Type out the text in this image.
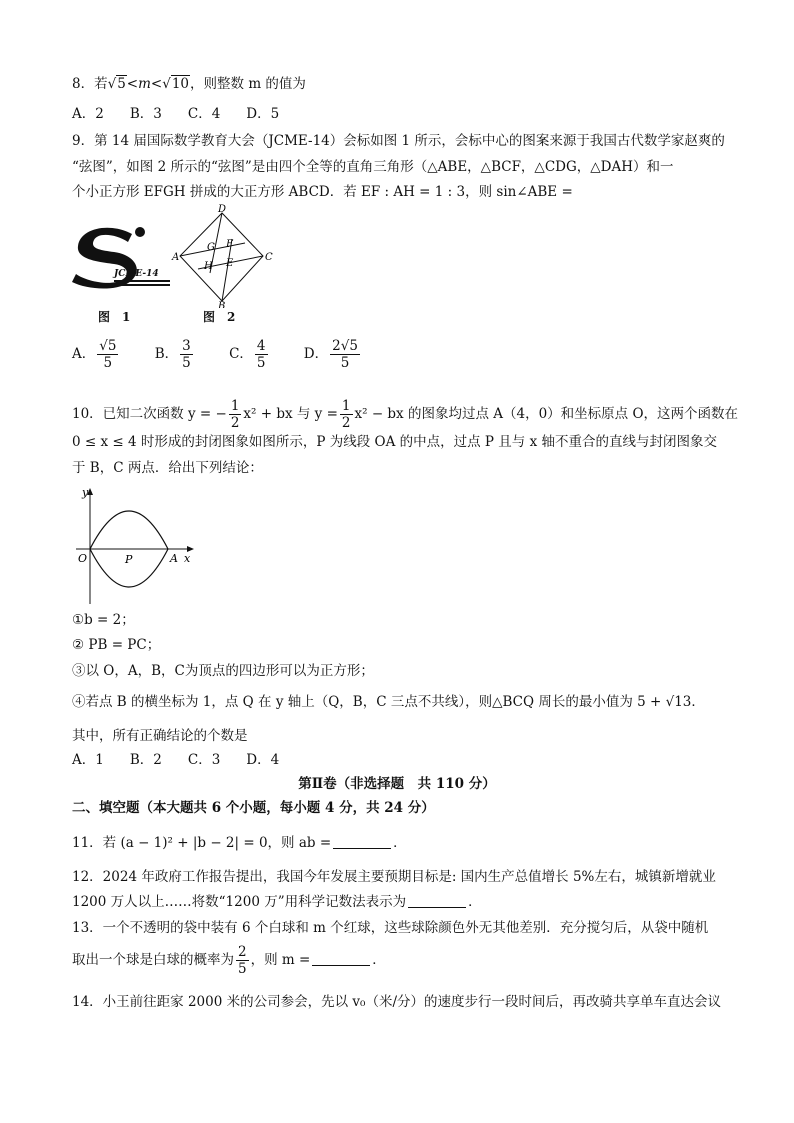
8．若√5<m<√10，则整数 m 的值为
A．2 B．3 C．4 D．5
9．第 14 届国际数学教育大会（JCME-14）会标如图 1 所示，会标中心的图案来源于我国古代数学家赵爽的
“弦图”，如图 2 所示的“弦图”是由四个全等的直角三角形（△ABE，△BCF，△CDG，△DAH）和一
个小正方形 EFGH 拼成的大正方形 ABCD．若 EF : AH = 1 : 3，则 sin∠ABE =
JCME-14
图　1
D
A	C
B
G F
H E
图　2
A． $\frac{√5}{5}$	B． $\frac{3}{5}$	C． $\frac{4}{5}$	D． $\frac{2√5}{5}$
10．已知二次函数 y = − $\frac{1}{2} x^2$ + bx 与 $y = \frac{1}{2} x^2$ − bx 的图象均过点 A（4，0）和坐标原点 O，这两个函数在
0 ≤ x ≤ 4 时形成的封闭图象如图所示，P 为线段 OA 的中点，过点 P 且与 x 轴不重合的直线与封闭图象交
于 B，C 两点．给出下列结论：
y
x
O	P	A
①b = 2；
② PB = PC；
③以 O，A，B，C为顶点的四边形可以为正方形；
④若点 B 的横坐标为 1，点 Q 在 y 轴上（Q，B，C 三点不共线），则△BCQ 周长的最小值为 5 + √13．
其中，所有正确结论的个数是
A．1 B．2 C．3 D．4
第Ⅱ卷（非选择题　共 110 分）
二、填空题（本大题共 6 个小题，每小题 4 分，共 24 分）
11．若 (a − 1)² + |b − 2| = 0，则 ab =	．
12．2024 年政府工作报告提出，我国今年发展主要预期目标是: 国内生产总值增长 5%左右，城镇新增就业
1200 万人以上……将数“1200 万”用科学记数法表示为	．
13．一个不透明的袋中装有 6 个白球和 m 个红球，这些球除颜色外无其他差别．充分搅匀后，从袋中随机
取出一个球是白球的概率为 $\frac{2}{5}$ ，则 m =	．
14．小王前往距家 2000 米的公司参会，先以 v₀（米/分）的速度步行一段时间后，再改骑共享单车直达会议
